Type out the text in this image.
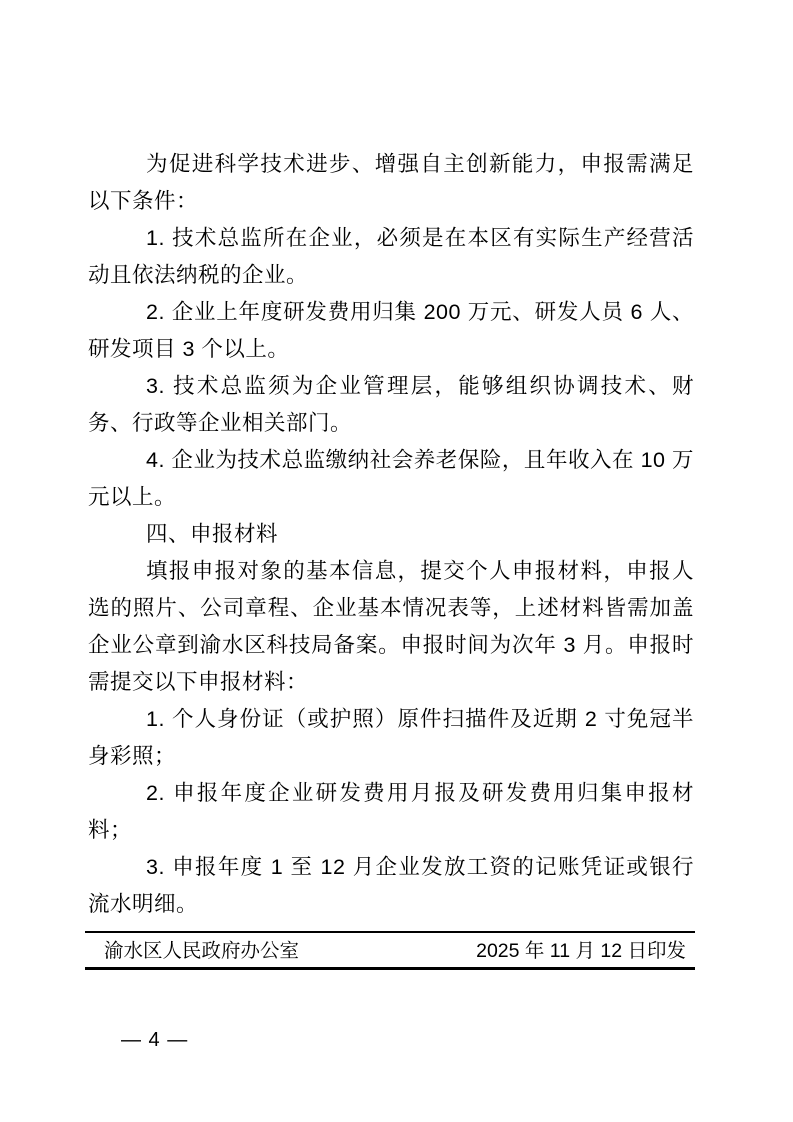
为促进科学技术进步、增强自主创新能力，申报需满足以下条件：

1. 技术总监所在企业，必须是在本区有实际生产经营活动且依法纳税的企业。

2. 企业上年度研发费用归集 200 万元、研发人员 6 人、研发项目 3 个以上。

3. 技术总监须为企业管理层，能够组织协调技术、财务、行政等企业相关部门。

4. 企业为技术总监缴纳社会养老保险，且年收入在 10 万元以上。

四、申报材料

填报申报对象的基本信息，提交个人申报材料，申报人选的照片、公司章程、企业基本情况表等，上述材料皆需加盖企业公章到渝水区科技局备案。申报时间为次年 3 月。申报时需提交以下申报材料：

1. 个人身份证（或护照）原件扫描件及近期 2 寸免冠半身彩照；

2. 申报年度企业研发费用月报及研发费用归集申报材料；

3. 申报年度 1 至 12 月企业发放工资的记账凭证或银行流水明细。

渝水区人民政府办公室	2025 年 11 月 12 日印发
— 4 —
